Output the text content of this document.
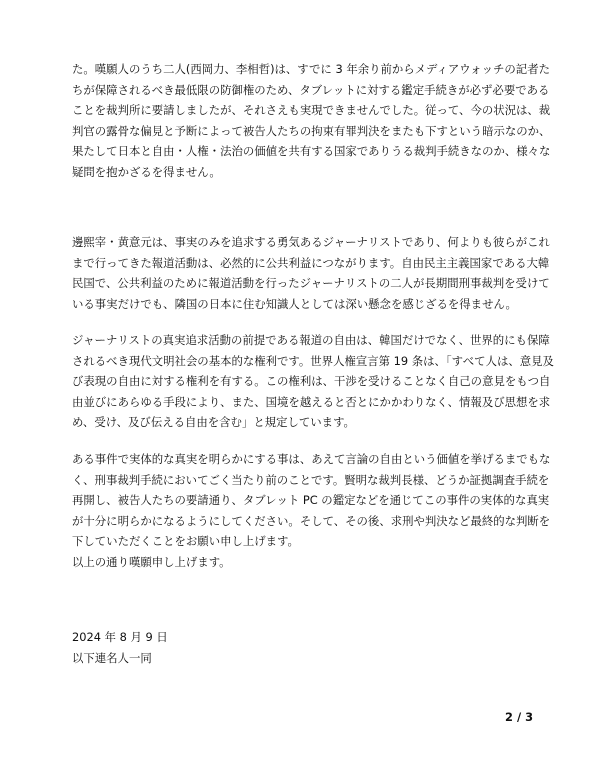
た。嘆願人のうち二人(西岡力、李相哲)は、すでに 3 年余り前からメディアウォッチの記者た
ちが保障されるべき最低限の防御権のため、タブレットに対する鑑定手続きが必ず必要である
ことを裁判所に要請しましたが、それさえも実現できませんでした。従って、今の状況は、裁
判官の露骨な偏見と予断によって被告人たちの拘束有罪判決をまたも下すという暗示なのか、
果たして日本と自由・人権・法治の価値を共有する国家でありうる裁判手続きなのか、様々な
疑問を抱かざるを得ません。
邊熙宰・黄意元は、事実のみを追求する勇気あるジャーナリストであり、何よりも彼らがこれ
まで行ってきた報道活動は、必然的に公共利益につながります。自由民主主義国家である大韓
民国で、公共利益のために報道活動を行ったジャーナリストの二人が長期間刑事裁判を受けて
いる事実だけでも、隣国の日本に住む知識人としては深い懸念を感じざるを得ません。
ジャーナリストの真実追求活動の前提である報道の自由は、韓国だけでなく、世界的にも保障
されるべき現代文明社会の基本的な権利です。世界人権宣言第 19 条は、「すべて人は、意見及
び表現の自由に対する権利を有する。この権利は、干渉を受けることなく自己の意見をもつ自
由並びにあらゆる手段により、また、国境を越えると否とにかかわりなく、情報及び思想を求
め、受け、及び伝える自由を含む」と規定しています。
ある事件で実体的な真実を明らかにする事は、あえて言論の自由という価値を挙げるまでもな
く、刑事裁判手続においてごく当たり前のことです。賢明な裁判長様、どうか証拠調査手続を
再開し、被告人たちの要請通り、タブレット PC の鑑定などを通じてこの事件の実体的な真実
が十分に明らかになるようにしてください。そして、その後、求刑や判決など最終的な判断を
下していただくことをお願い申し上げます。
以上の通り嘆願申し上げます。
2024 年 8 月 9 日
以下連名人一同
2 / 3
